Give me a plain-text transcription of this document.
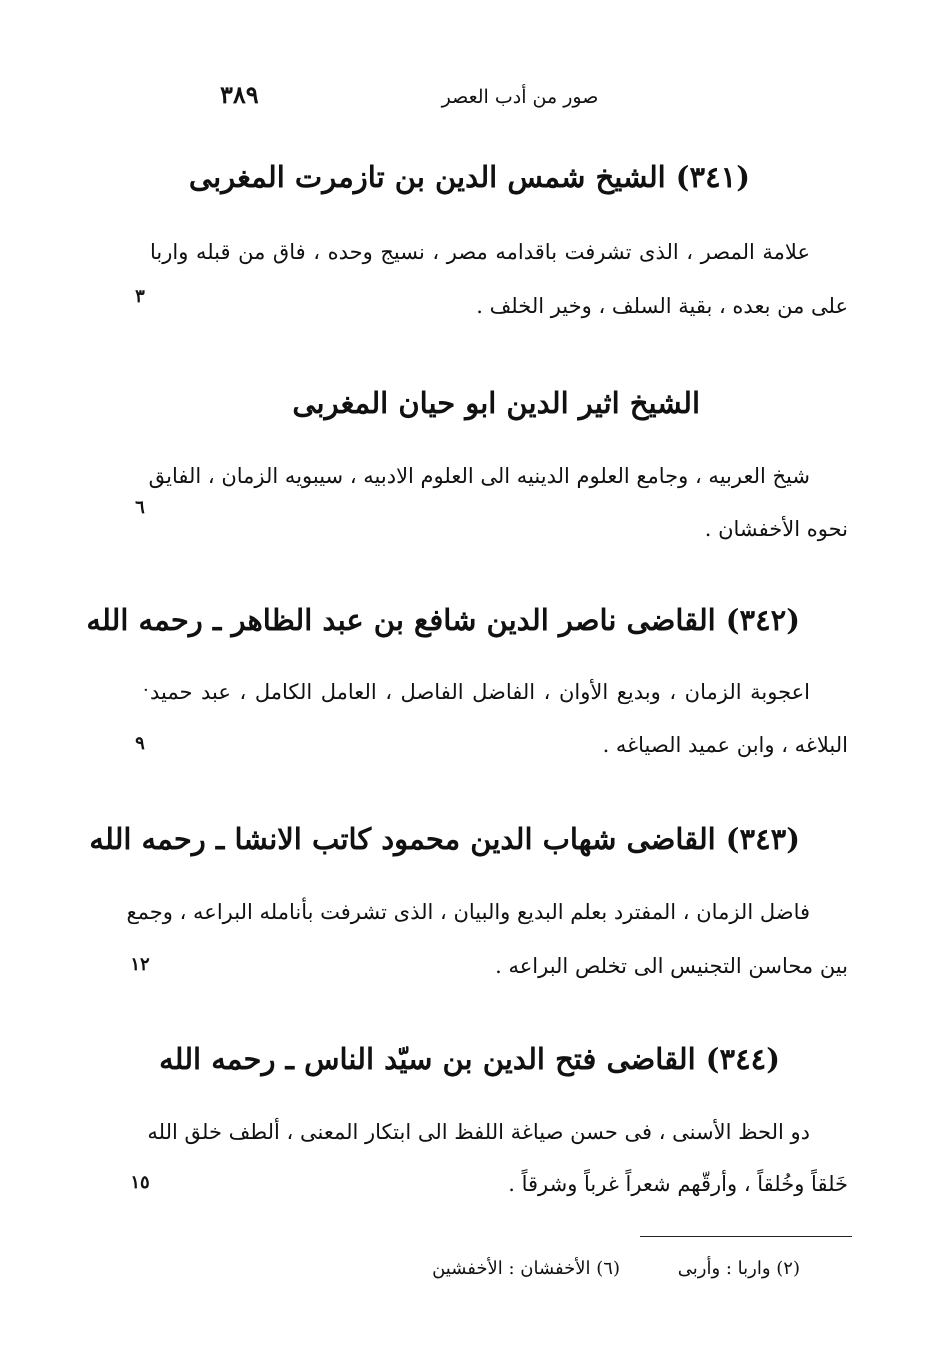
٣٨٩	صور من أدب العصر
(٣٤١) الشيخ شمس الدين بن تازمرت المغربى
علامة المصر ، الذى تشرفت باقدامه مصر ، نسيج وحده ، فاق من قبله واربا
على من بعده ، بقية السلف ، وخير الخلف .
٣
الشيخ اثير الدين ابو حيان المغربى
شيخ العربيه ، وجامع العلوم الدينيه الى العلوم الادبيه ، سيبويه الزمان ، الفايق
نحوه الأخفشان .
٦
(٣٤٢) القاضى ناصر الدين شافع بن عبد الظاهر ـ رحمه الله
اعجوبة الزمان ، وبديع الأوان ، الفاضل الفاصل ، العامل الكامل ، عبد حميد
البلاغه ، وابن عميد الصياغه .
٩
·
(٣٤٣) القاضى شهاب الدين محمود كاتب الانشا ـ رحمه الله
فاضل الزمان ، المفترد بعلم البديع والبيان ، الذى تشرفت بأنامله البراعه ، وجمع
بين محاسن التجنيس الى تخلص البراعه .
١٢
(٣٤٤) القاضى فتح الدين بن سيّد الناس ـ رحمه الله
دو الحظ الأسنى ، فى حسن صياغة اللفظ الى ابتكار المعنى ، ألطف خلق الله
خَلقاً وخُلقاً ، وأرقّهم شعراً غرباً وشرقاً .
١٥
(٢) واربا : وأربى
(٦) الأخفشان : الأخفشين
